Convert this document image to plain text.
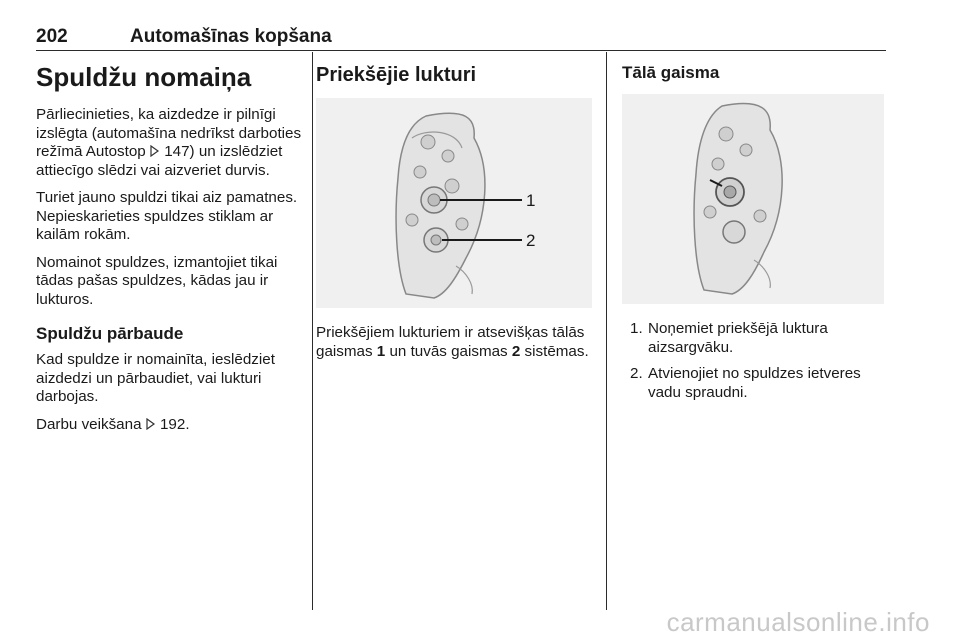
202	Automašīnas kopšana
Spuldžu nomaiņa

Pārliecinieties, ka aizdedze ir pilnīgi izslēgta (automašīna nedrīkst darboties režīmā Autostop  147) un izslēdziet attiecīgo slēdzi vai aizveriet durvis.

Turiet jauno spuldzi tikai aiz pamatnes. Nepieskarieties spuldzes stiklam ar kailām rokām.

Nomainot spuldzes, izmantojiet tikai tādas pašas spuldzes, kādas jau ir lukturos.

Spuldžu pārbaude

Kad spuldze ir nomainīta, ieslēdziet aizdedzi un pārbaudiet, vai lukturi darbojas.

Darbu veikšana  192.

Priekšējie lukturi
1
2

Priekšējiem lukturiem ir atsevišķas tālās gaismas 1 un tuvās gaismas 2 sistēmas.

Tālā gaisma
1. Noņemiet priekšējā luktura aizsargvāku.
2. Atvienojiet no spuldzes ietveres vadu spraudni.
carmanualsonline.info
